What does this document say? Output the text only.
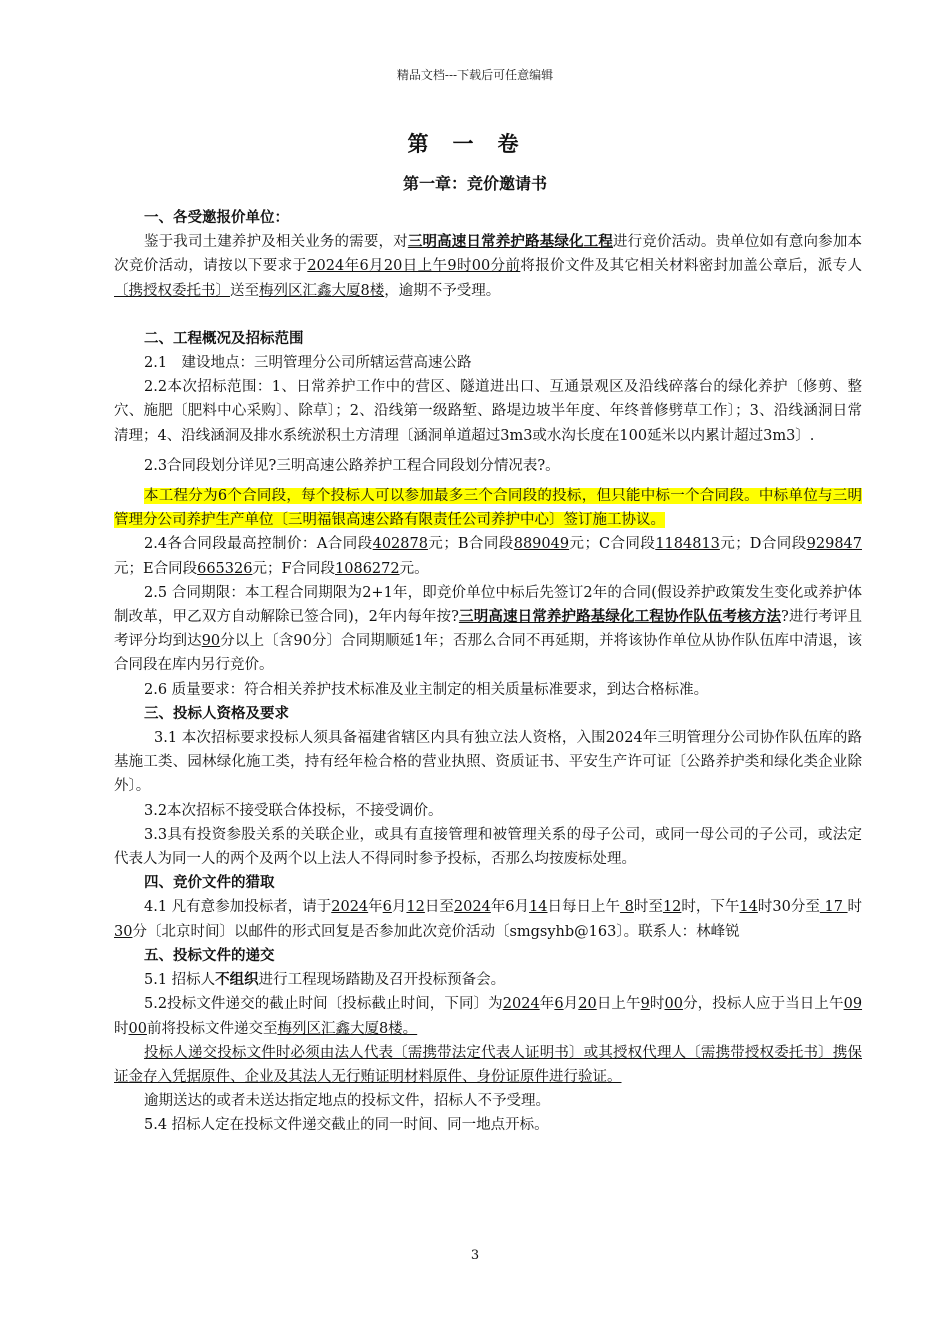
精品文档---下载后可任意编辑
第一卷
第一章：竞价邀请书

一、各受邀报价单位：

鉴于我司土建养护及相关业务的需要，对三明高速日常养护路基绿化工程进行竞价活动。贵单位如有意向参加本次竞价活动，请按以下要求于2024年6月20日上午9时00分前将报价文件及其它相关材料密封加盖公章后，派专人〔携授权委托书〕送至梅列区汇鑫大厦8楼，逾期不予受理。

二、工程概况及招标范围

2.1　建设地点：三明管理分公司所辖运营高速公路

2.2本次招标范围：1、日常养护工作中的营区、隧道进出口、互通景观区及沿线碎落台的绿化养护〔修剪、整穴、施肥〔肥料中心采购〕、除草〕；2、沿线第一级路堑、路堤边坡半年度、年终普修劈草工作〕；3、沿线涵洞日常清理；4、沿线涵洞及排水系统淤积土方清理〔涵洞单道超过3m3或水沟长度在100延米以内累计超过3m3〕.

2.3合同段划分详见?三明高速公路养护工程合同段划分情况表?。

本工程分为6个合同段，每个投标人可以参加最多三个合同段的投标，但只能中标一个合同段。中标单位与三明管理分公司养护生产单位〔三明福银高速公路有限责任公司养护中心〕签订施工协议。

2.4各合同段最高控制价：A合同段402878元；B合同段889049元；C合同段1184813元；D合同段929847元；E合同段665326元；F合同段1086272元。

2.5 合同期限：本工程合同期限为2+1年，即竞价单位中标后先签订2年的合同(假设养护政策发生变化或养护体制改革，甲乙双方自动解除已签合同)，2年内每年按?三明高速日常养护路基绿化工程协作队伍考核方法?进行考评且考评分均到达90分以上〔含90分〕合同期顺延1年；否那么合同不再延期，并将该协作单位从协作队伍库中清退，该合同段在库内另行竞价。

2.6 质量要求：符合相关养护技术标准及业主制定的相关质量标准要求，到达合格标准。

三、投标人资格及要求

3.1 本次招标要求投标人须具备福建省辖区内具有独立法人资格，入围2024年三明管理分公司协作队伍库的路基施工类、园林绿化施工类，持有经年检合格的营业执照、资质证书、平安生产许可证〔公路养护类和绿化类企业除外〕。

3.2本次招标不接受联合体投标，不接受调价。

3.3具有投资参股关系的关联企业，或具有直接管理和被管理关系的母子公司，或同一母公司的子公司，或法定代表人为同一人的两个及两个以上法人不得同时参予投标，否那么均按废标处理。

四、竞价文件的猎取

4.1 凡有意参加投标者，请于2024年6月12日至2024年6月14日每日上午 8时至12时，下午14时30分至 17 时30分〔北京时间〕以邮件的形式回复是否参加此次竞价活动〔smgsyhb@163〕。联系人：林峰锐

五、投标文件的递交

5.1 招标人不组织进行工程现场踏勘及召开投标预备会。

5.2投标文件递交的截止时间〔投标截止时间，下同〕为2024年6月20日上午9时00分，投标人应于当日上午09时00前将投标文件递交至梅列区汇鑫大厦8楼。

投标人递交投标文件时必须由法人代表〔需携带法定代表人证明书〕或其授权代理人〔需携带授权委托书〕携保证金存入凭据原件、企业及其法人无行贿证明材料原件、身份证原件进行验证。

逾期送达的或者未送达指定地点的投标文件，招标人不予受理。

5.4 招标人定在投标文件递交截止的同一时间、同一地点开标。

3
